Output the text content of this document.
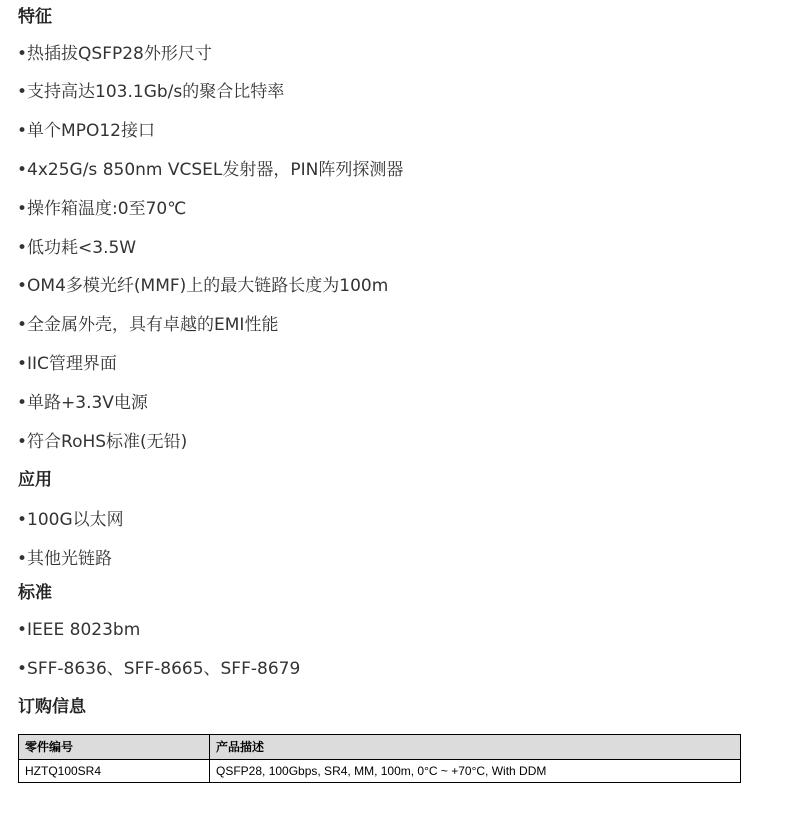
特征
•热插拔QSFP28外形尺寸
•支持高达103.1Gb/s的聚合比特率
•单个MPO12接口
•4x25G/s 850nm VCSEL发射器，PIN阵列探测器
•操作箱温度:0至70℃
•低功耗<3.5W
•OM4多模光纤(MMF)上的最大链路长度为100m
•全金属外壳，具有卓越的EMI性能
•IIC管理界面
•单路+3.3V电源
•符合RoHS标准(无铅)
应用
•100G以太网
•其他光链路
标准
•IEEE 8023bm
•SFF-8636、SFF-8665、SFF-8679
订购信息
零件编号	产品描述
HZTQ100SR4	QSFP28, 100Gbps, SR4, MM, 100m, 0°C ~ +70°C, With DDM
